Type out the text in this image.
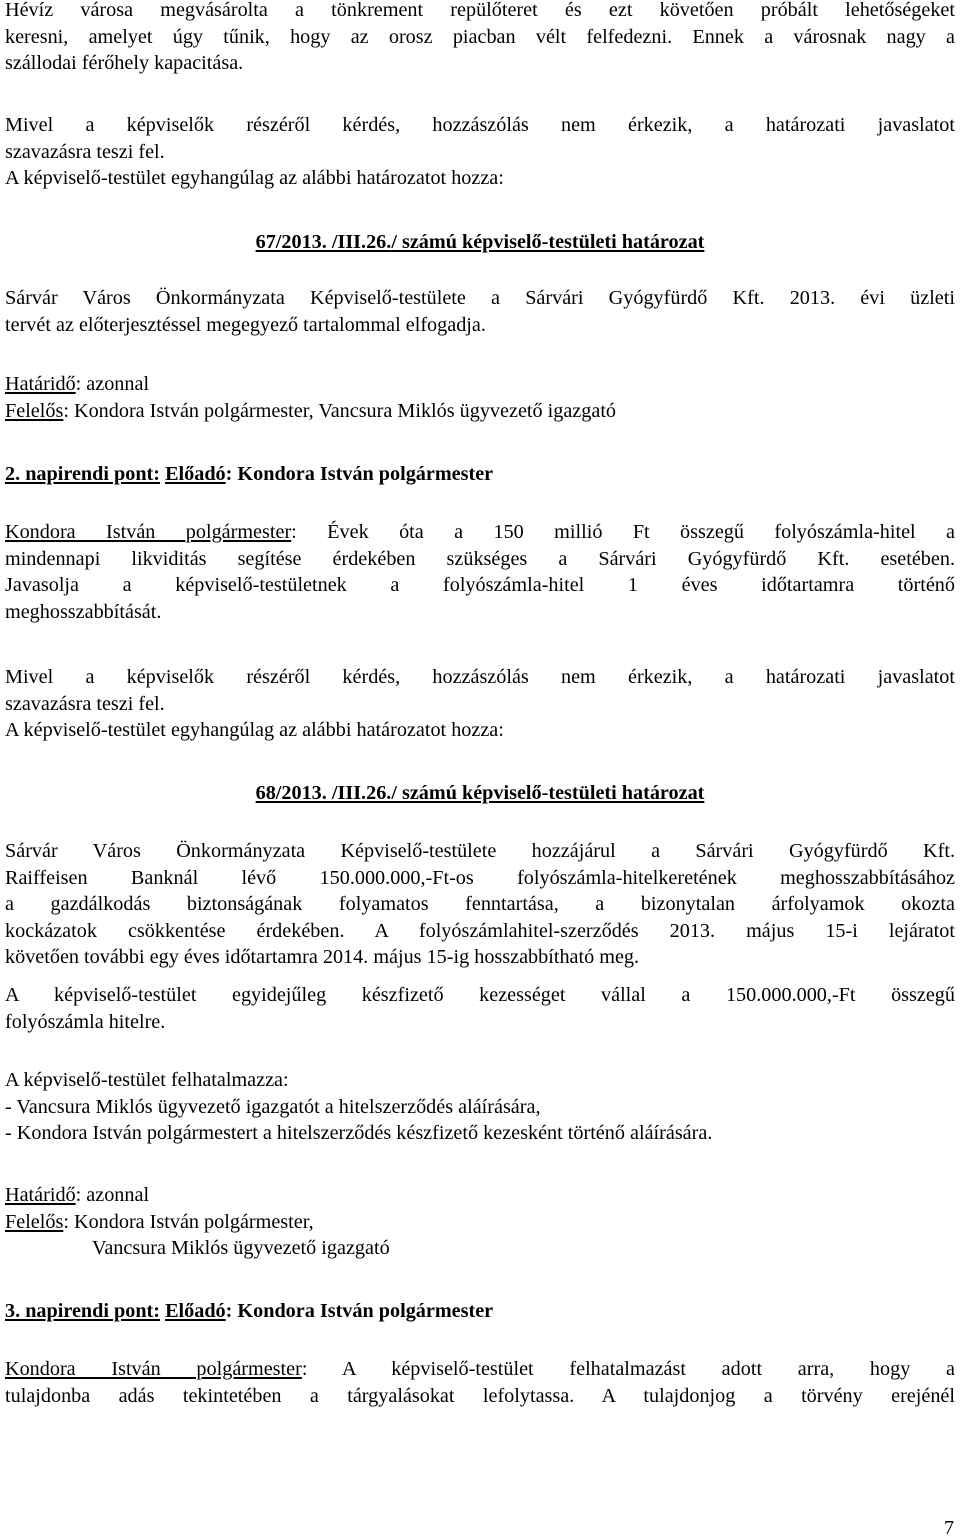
Hévíz városa megvásárolta a tönkrement repülőteret és ezt követően próbált lehetőségeket

keresni, amelyet úgy tűnik, hogy az orosz piacban vélt felfedezni. Ennek a városnak nagy a

szállodai férőhely kapacitása.

Mivel a képviselők részéről kérdés, hozzászólás nem érkezik, a határozati javaslatot

szavazásra teszi fel.

A képviselő-testület egyhangúlag az alábbi határozatot hozza:

67/2013. /III.26./ számú képviselő-testületi határozat

Sárvár Város Önkormányzata Képviselő-testülete a Sárvári Gyógyfürdő Kft. 2013. évi üzleti

tervét az előterjesztéssel megegyező tartalommal elfogadja.

Határidő: azonnal

Felelős: Kondora István polgármester, Vancsura Miklós ügyvezető igazgató

2. napirendi pont: Előadó: Kondora István polgármester

Kondora István polgármester: Évek óta a 150 millió Ft összegű folyószámla-hitel a

mindennapi likviditás segítése érdekében szükséges a Sárvári Gyógyfürdő Kft. esetében.

Javasolja a képviselő-testületnek a folyószámla-hitel 1 éves időtartamra történő

meghosszabbítását.

Mivel a képviselők részéről kérdés, hozzászólás nem érkezik, a határozati javaslatot

szavazásra teszi fel.

A képviselő-testület egyhangúlag az alábbi határozatot hozza:

68/2013. /III.26./ számú képviselő-testületi határozat

Sárvár Város Önkormányzata Képviselő-testülete hozzájárul a Sárvári Gyógyfürdő Kft.

Raiffeisen Banknál lévő 150.000.000,-Ft-os folyószámla-hitelkeretének meghosszabbításához

a gazdálkodás biztonságának folyamatos fenntartása, a bizonytalan árfolyamok okozta

kockázatok csökkentése érdekében. A folyószámlahitel-szerződés 2013. május 15-i lejáratot

követően további egy éves időtartamra 2014. május 15-ig hosszabbítható meg.

A képviselő-testület egyidejűleg készfizető kezességet vállal a 150.000.000,-Ft összegű

folyószámla hitelre.

A képviselő-testület felhatalmazza:

- Vancsura Miklós ügyvezető igazgatót a hitelszerződés aláírására,

- Kondora István polgármestert a hitelszerződés készfizető kezesként történő aláírására.

Határidő: azonnal

Felelős: Kondora István polgármester,

Vancsura Miklós ügyvezető igazgató

3. napirendi pont: Előadó: Kondora István polgármester

Kondora István polgármester: A képviselő-testület felhatalmazást adott arra, hogy a

tulajdonba adás tekintetében a tárgyalásokat lefolytassa. A tulajdonjog a törvény erejénél

7
